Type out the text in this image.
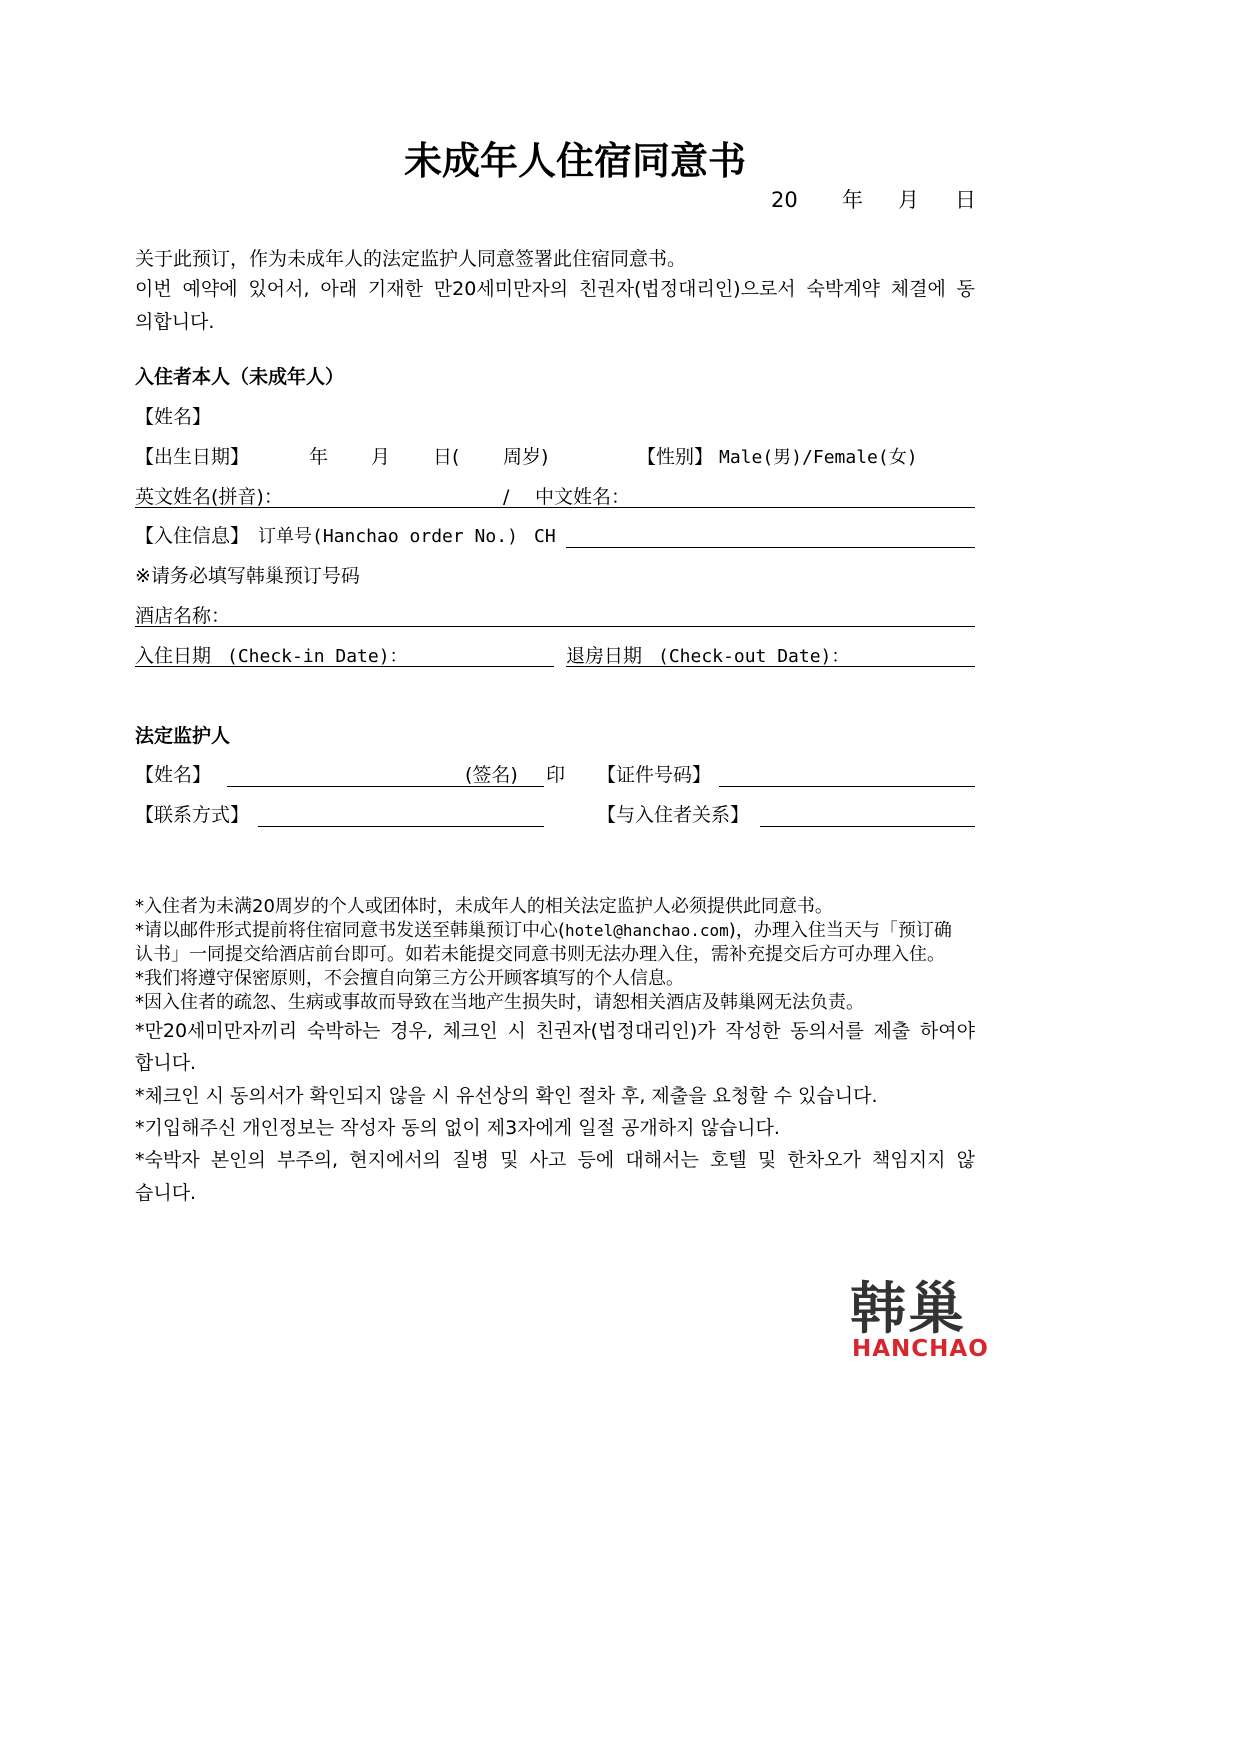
未成年人住宿同意书
20 年 月 日
关于此预订，作为未成年人的法定监护人同意签署此住宿同意书。
이번 예약에 있어서, 아래 기재한 만20세미만자의 친권자(법정대리인)으로서 숙박계약 체결에 동
의합니다.
入住者本人（未成年人）
【姓名】
【出生日期】	年 月 日( 周岁)	【性别】 Male(男)/Female(女)
英文姓名(拼音)：	/ 中文姓名：
【入住信息】 订单号(Hanchao order No.) CH
※请务必填写韩巢预订号码
酒店名称：
入住日期 (Check-in Date)：	退房日期 (Check-out Date)：
法定监护人
【姓名】	(签名) 印 【证件号码】
【联系方式】	【与入住者关系】
*入住者为未满20周岁的个人或团体时，未成年人的相关法定监护人必须提供此同意书。
*请以邮件形式提前将住宿同意书发送至韩巢预订中心(hotel@hanchao.com)，办理入住当天与「预订确
认书」一同提交给酒店前台即可。如若未能提交同意书则无法办理入住，需补充提交后方可办理入住。
*我们将遵守保密原则，不会擅自向第三方公开顾客填写的个人信息。
*因入住者的疏忽、生病或事故而导致在当地产生损失时，请恕相关酒店及韩巢网无法负责。
*만20세미만자끼리 숙박하는 경우, 체크인 시 친권자(법정대리인)가 작성한 동의서를 제출 하여야
합니다.
*체크인 시 동의서가 확인되지 않을 시 유선상의 확인 절차 후, 제출을 요청할 수 있습니다.
*기입해주신 개인정보는 작성자 동의 없이 제3자에게 일절 공개하지 않습니다.
*숙박자 본인의 부주의, 현지에서의 질병 및 사고 등에 대해서는 호텔 및 한차오가 책임지지 않
습니다.
韩巢
HANCHAO
